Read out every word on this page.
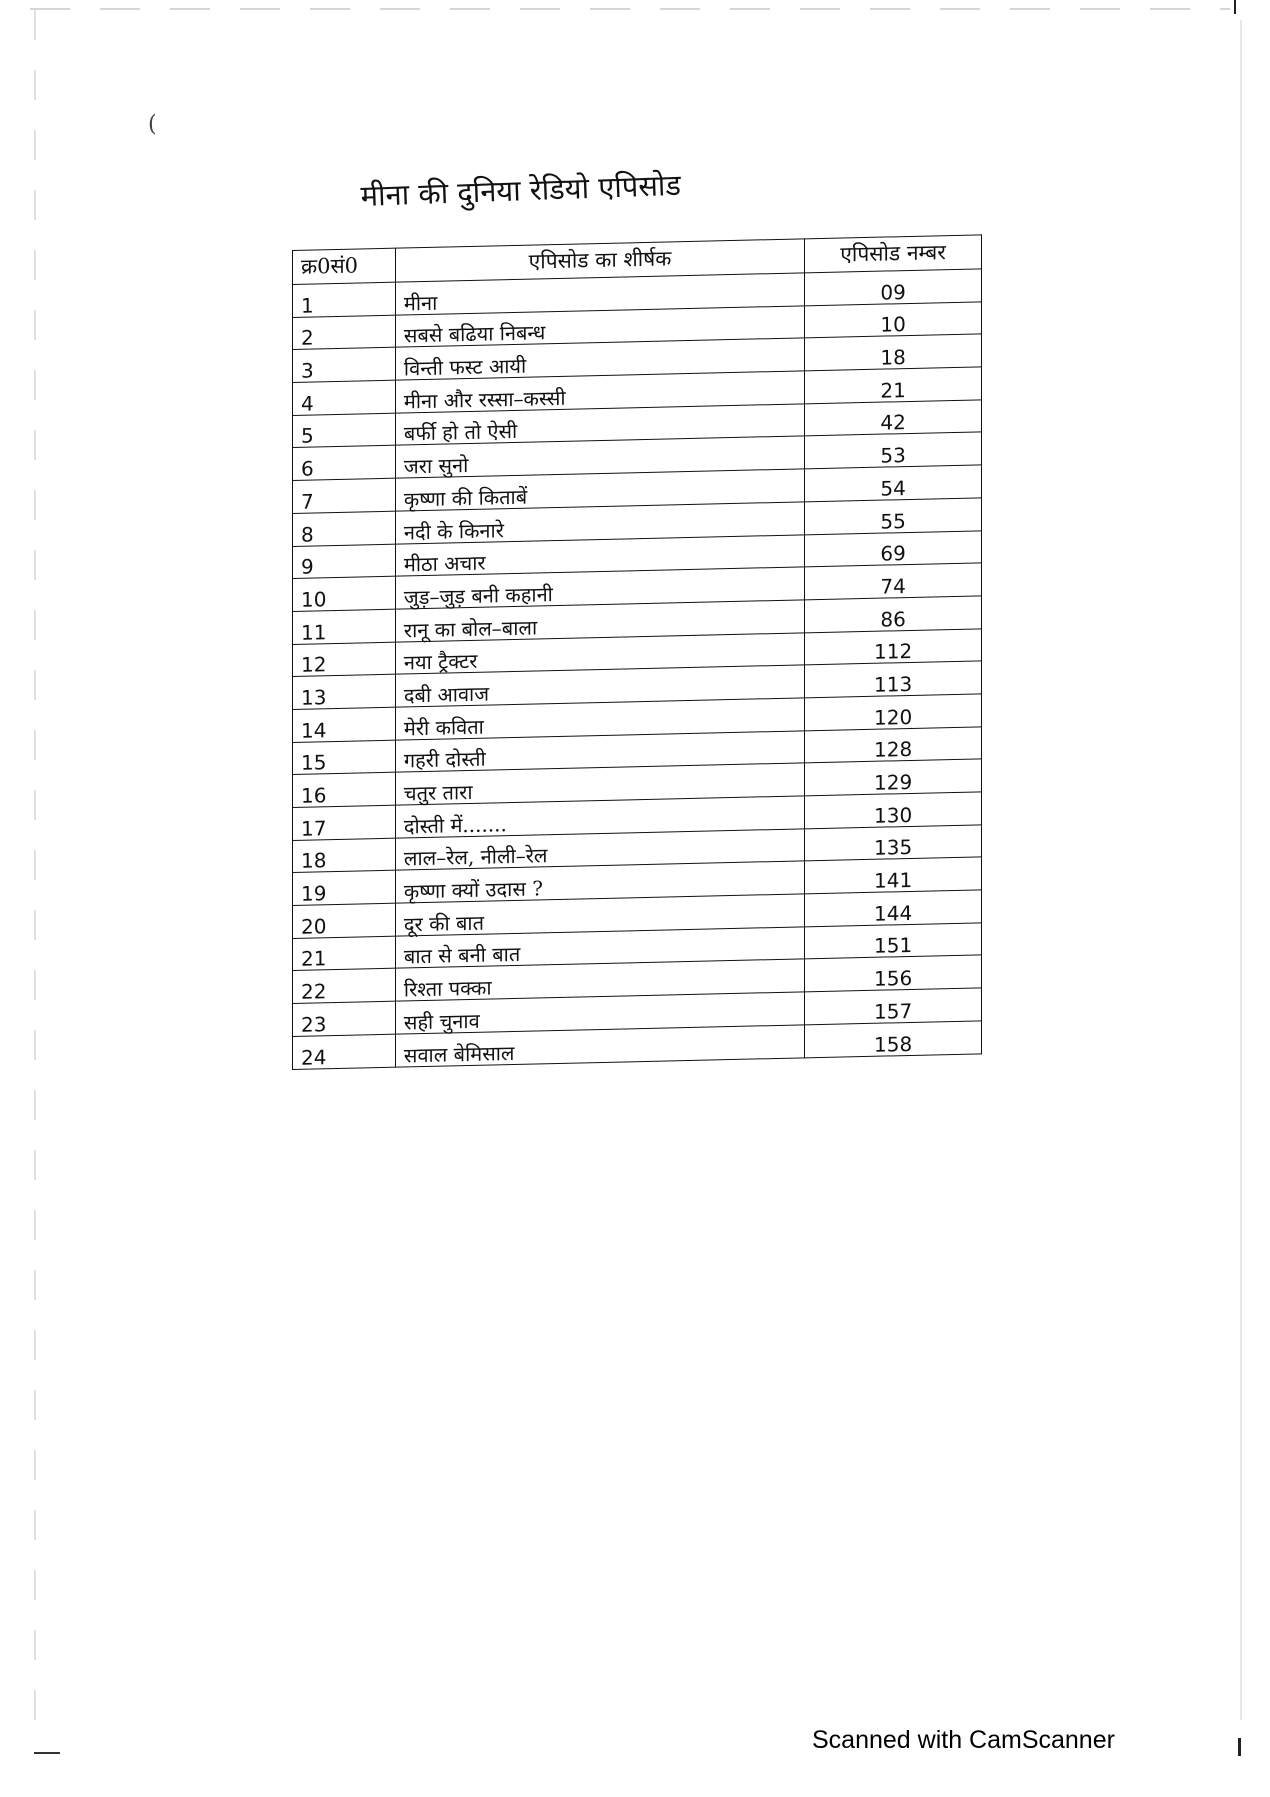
(
मीना की दुनिया रेडियो एपिसोड
क्र0सं0	एपिसोड का शीर्षक	एपिसोड नम्बर
1	मीना	09
2	सबसे बढिया निबन्ध	10
3	विन्ती फस्ट आयी	18
4	मीना और रस्सा–कस्सी	21
5	बर्फी हो तो ऐसी	42
6	जरा सुनो	53
7	कृष्णा की किताबें	54
8	नदी के किनारे	55
9	मीठा अचार	69
10	जुड़–जुड़ बनी कहानी	74
11	रानू का बोल–बाला	86
12	नया ट्रैक्टर	112
13	दबी आवाज	113
14	मेरी कविता	120
15	गहरी दोस्ती	128
16	चतुर तारा	129
17	दोस्ती में.......	130
18	लाल–रेल, नीली–रेल	135
19	कृष्णा क्यों उदास ?	141
20	दूर की बात	144
21	बात से बनी बात	151
22	रिश्ता पक्का	156
23	सही चुनाव	157
24	सवाल बेमिसाल	158
Scanned with CamScanner
